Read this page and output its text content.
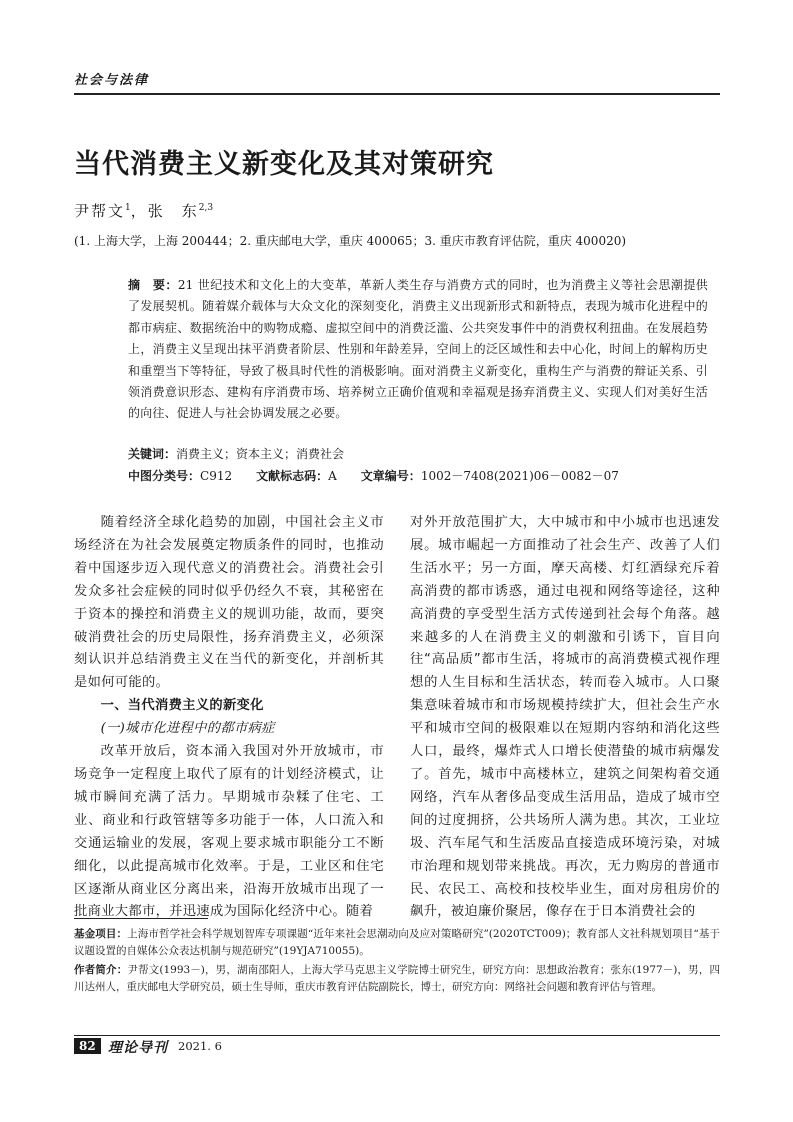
社会与法律
当代消费主义新变化及其对策研究
尹帮文$^1$，张　东$^{2,3}$
(1. 上海大学，上海 200444；2. 重庆邮电大学，重庆 400065；3. 重庆市教育评估院，重庆 400020)
摘　要：21 世纪技术和文化上的大变革，革新人类生存与消费方式的同时，也为消费主义等社会思潮提供了发展契机。随着媒介载体与大众文化的深刻变化，消费主义出现新形式和新特点，表现为城市化进程中的都市病症、数据统治中的购物成瘾、虚拟空间中的消费泛滥、公共突发事件中的消费权利扭曲。在发展趋势上，消费主义呈现出抹平消费者阶层、性别和年龄差异，空间上的泛区域性和去中心化，时间上的解构历史和重塑当下等特征，导致了极具时代性的消极影响。面对消费主义新变化，重构生产与消费的辩证关系、引领消费意识形态、建构有序消费市场、培养树立正确价值观和幸福观是扬弃消费主义、实现人们对美好生活的向往、促进人与社会协调发展之必要。
关键词：消费主义；资本主义；消费社会
中图分类号：C912 文献标志码：A 文章编号：1002－7408(2021)06－0082－07

随着经济全球化趋势的加剧，中国社会主义市场经济在为社会发展奠定物质条件的同时，也推动着中国逐步迈入现代意义的消费社会。消费社会引发众多社会症候的同时似乎仍经久不衰，其秘密在于资本的操控和消费主义的规训功能，故而，要突破消费社会的历史局限性，扬弃消费主义，必须深刻认识并总结消费主义在当代的新变化，并剖析其是如何可能的。

一、当代消费主义的新变化
(一)城市化进程中的都市病症

改革开放后，资本涌入我国对外开放城市，市场竞争一定程度上取代了原有的计划经济模式，让城市瞬间充满了活力。早期城市杂糅了住宅、工业、商业和行政管辖等多功能于一体，人口流入和交通运输业的发展，客观上要求城市职能分工不断细化，以此提高城市化效率。于是，工业区和住宅区逐渐从商业区分离出来，沿海开放城市出现了一批商业大都市，并迅速成为国际化经济中心。随着

对外开放范围扩大，大中城市和中小城市也迅速发展。城市崛起一方面推动了社会生产、改善了人们生活水平；另一方面，摩天高楼、灯红酒绿充斥着高消费的都市诱惑，通过电视和网络等途径，这种高消费的享受型生活方式传递到社会每个角落。越来越多的人在消费主义的刺激和引诱下，盲目向往“高品质”都市生活，将城市的高消费模式视作理想的人生目标和生活状态，转而卷入城市。人口聚集意味着城市和市场规模持续扩大，但社会生产水平和城市空间的极限难以在短期内容纳和消化这些人口，最终，爆炸式人口增长使潜蛰的城市病爆发了。首先，城市中高楼林立，建筑之间架构着交通网络，汽车从奢侈品变成生活用品，造成了城市空间的过度拥挤，公共场所人满为患。其次，工业垃圾、汽车尾气和生活废品直接造成环境污染，对城市治理和规划带来挑战。再次，无力购房的普通市民、农民工、高校和技校毕业生，面对房租房价的飙升，被迫廉价聚居，像存在于日本消费社会的

基金项目：上海市哲学社会科学规划智库专项课题“近年来社会思潮动向及应对策略研究”(2020TCT009)；教育部人文社科规划项目“基于议题设置的自媒体公众表达机制与规范研究”(19YJA710055)。
作者简介：尹帮文(1993－)，男，湖南邵阳人，上海大学马克思主义学院博士研究生，研究方向：思想政治教育；张东(1977－)，男，四川达州人，重庆邮电大学研究员，硕士生导师，重庆市教育评估院副院长，博士，研究方向：网络社会问题和教育评估与管理。
82 理论导刊 2021. 6
